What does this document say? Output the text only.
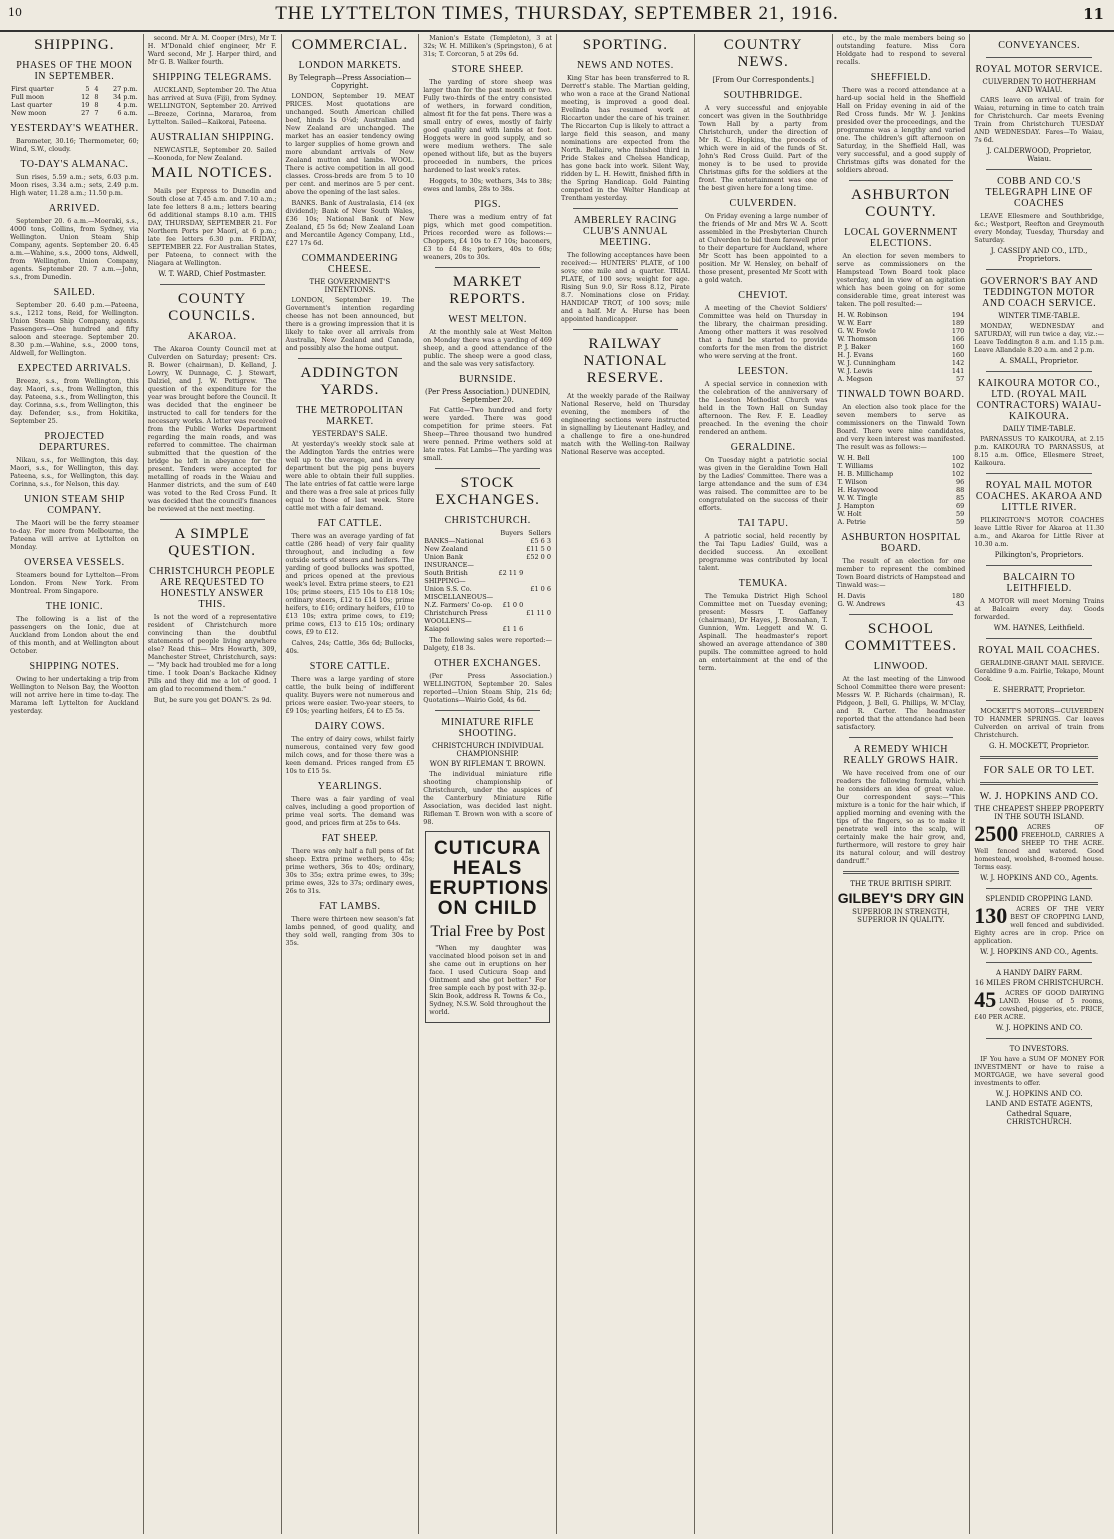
10	THE LYTTELTON TIMES, THURSDAY, SEPTEMBER 21, 1916.	11
SHIPPING.
PHASES OF THE MOON IN SEPTEMBER.
First quarter	5	4	27 p.m.
Full moon	12	8	34 p.m.
Last quarter	19	8	4 p.m.
New moon	27	7	6 a.m.
YESTERDAY'S WEATHER.

Barometer, 30.16; Thermometer, 60; Wind, S.W., cloudy.

TO-DAY'S ALMANAC.

Sun rises, 5.59 a.m.; sets, 6.03 p.m. Moon rises, 3.34 a.m.; sets, 2.49 p.m. High water, 11.28 a.m.; 11.50 p.m.

ARRIVED.

September 20. 6 a.m.—Moeraki, s.s., 4000 tons, Collins, from Sydney, via Wellington. Union Steam Ship Company, agents. September 20. 6.45 a.m.—Wahine, s.s., 2000 tons, Aldwell, from Wellington. Union Company, agents. September 20. 7 a.m.—John, s.s., from Dunedin.

SAILED.

September 20. 6.40 p.m.—Pateena, s.s., 1212 tons, Reid, for Wellington. Union Steam Ship Company, agents. Passengers—One hundred and fifty saloon and steerage. September 20. 8.30 p.m.—Wahine, s.s., 2000 tons, Aldwell, for Wellington.

EXPECTED ARRIVALS.

Breeze, s.s., from Wellington, this day. Maori, s.s., from Wellington, this day. Pateena, s.s., from Wellington, this day. Corinna, s.s., from Wellington, this day. Defender, s.s., from Hokitika, September 25.

PROJECTED DEPARTURES.

Nikau, s.s., for Wellington, this day. Maori, s.s., for Wellington, this day. Pateena, s.s., for Wellington, this day. Corinna, s.s., for Nelson, this day.

UNION STEAM SHIP COMPANY.

The Maori will be the ferry steamer to-day. For more from Melbourne, the Pateena will arrive at Lyttelton on Monday.

OVERSEA VESSELS.

Steamers bound for Lyttelton—From London. From New York. From Montreal. From Singapore.

THE IONIC.

The following is a list of the passengers on the Ionic, due at Auckland from London about the end of this month, and at Wellington about October.

SHIPPING NOTES.

Owing to her undertaking a trip from Wellington to Nelson Bay, the Wootton will not arrive here in time to-day. The Marama left Lyttelton for Auckland yesterday.

second. Mr A. M. Cooper (Mrs), Mr T. H. M'Donald chief engineer, Mr F. Ward second, Mr J. Harper third, and Mr G. B. Walker fourth.

SHIPPING TELEGRAMS.

AUCKLAND, September 20. The Atua has arrived at Suva (Fiji), from Sydney. WELLINGTON, September 20. Arrived—Breeze, Corinna, Mararoa, from Lyttelton. Sailed—Kaikorai, Pateena.

AUSTRALIAN SHIPPING.

NEWCASTLE, September 20. Sailed—Koonoda, for New Zealand.

MAIL NOTICES.

Mails per Express to Dunedin and South close at 7.45 a.m. and 7.10 a.m.; late fee letters 8 a.m.; letters bearing 6d additional stamps 8.10 a.m. THIS DAY, THURSDAY, SEPTEMBER 21. For Northern Ports per Maori, at 6 p.m.; late fee letters 6.30 p.m. FRIDAY, SEPTEMBER 22. For Australian States, per Pateena, to connect with the Niagara at Wellington.

W. T. WARD, Chief Postmaster.
COUNTY COUNCILS.
AKAROA.

The Akaroa County Council met at Culverden on Saturday; present: Crs. R. Bower (chairman), D. Kelland, J. Lowry, W. Dunnage, C. J. Stewart, Dalziel, and J. W. Pettigrew. The question of the expenditure for the year was brought before the Council. It was decided that the engineer be instructed to call for tenders for the necessary works. A letter was received from the Public Works Department regarding the main roads, and was referred to committee. The chairman submitted that the question of the bridge be left in abeyance for the present. Tenders were accepted for metalling of roads in the Waiau and Hanmer districts, and the sum of £40 was voted to the Red Cross Fund. It was decided that the council's finances be reviewed at the next meeting.

A SIMPLE QUESTION.
CHRISTCHURCH PEOPLE ARE REQUESTED TO HONESTLY ANSWER THIS.

Is not the word of a representative resident of Christchurch more convincing than the doubtful statements of people living anywhere else? Read this— Mrs Howarth, 309, Manchester Street, Christchurch, says:— "My back had troubled me for a long time. I took Doan's Backache Kidney Pills and they did me a lot of good. I am glad to recommend them."

But, be sure you get DOAN'S. 2s 9d.

COMMERCIAL.
LONDON MARKETS.
By Telegraph—Press Association—Copyright.

LONDON, September 19. MEAT PRICES. Most quotations are unchanged. South American chilled beef, hinds 1s 0¼d; Australian and New Zealand are unchanged. The market has an easier tendency owing to larger supplies of home grown and more abundant arrivals of New Zealand mutton and lambs. WOOL. There is active competition in all good classes. Cross-breds are from 5 to 10 per cent. and merinos are 5 per cent. above the opening of the last sales.

BANKS. Bank of Australasia, £14 (ex dividend); Bank of New South Wales, £36 10s; National Bank of New Zealand, £5 5s 6d; New Zealand Loan and Mercantile Agency Company, Ltd., £27 17s 6d.

COMMANDEERING CHEESE.
THE GOVERNMENT'S INTENTIONS.

LONDON, September 19. The Government's intention regarding cheese has not been announced, but there is a growing impression that it is likely to take over all arrivals from Australia, New Zealand and Canada, and possibly also the home output.

ADDINGTON YARDS.
THE METROPOLITAN MARKET.
YESTERDAY'S SALE.

At yesterday's weekly stock sale at the Addington Yards the entries were well up to the average, and in every department but the pig pens buyers were able to obtain their full supplies. The late entries of fat cattle were large and there was a free sale at prices fully equal to those of last week. Store cattle met with a fair demand.

FAT CATTLE.

There was an average yarding of fat cattle (286 head) of very fair quality throughout, and including a few outside sorts of steers and heifers. The yarding of good bullocks was spotted, and prices opened at the previous week's level. Extra prime steers, to £21 10s; prime steers, £15 10s to £18 10s; ordinary steers, £12 to £14 10s; prime heifers, to £16; ordinary heifers, £10 to £13 10s; extra prime cows, to £19; prime cows, £13 to £15 10s; ordinary cows, £9 to £12.

Calves, 24s; Cattle, 36s 6d; Bullocks, 40s.

STORE CATTLE.

There was a large yarding of store cattle, the bulk being of indifferent quality. Buyers were not numerous and prices were easier. Two-year steers, to £9 10s; yearling heifers, £4 to £5 5s.

DAIRY COWS.

The entry of dairy cows, whilst fairly numerous, contained very few good milch cows, and for those there was a keen demand. Prices ranged from £5 10s to £15 5s.

YEARLINGS.

There was a fair yarding of veal calves, including a good proportion of prime veal sorts. The demand was good, and prices firm at 25s to 64s.

FAT SHEEP.

There was only half a full pens of fat sheep. Extra prime wethers, to 45s; prime wethers, 36s to 40s; ordinary, 30s to 35s; extra prime ewes, to 39s; prime ewes, 32s to 37s; ordinary ewes, 26s to 31s.

FAT LAMBS.

There were thirteen new season's fat lambs penned, of good quality, and they sold well, ranging from 30s to 35s.

Manion's Estate (Templeton), 3 at 32s; W. H. Milliken's (Springston), 6 at 31s; T. Corcoran, 5 at 29s 6d.

STORE SHEEP.

The yarding of store sheep was larger than for the past month or two. Fully two-thirds of the entry consisted of wethers, in forward condition, almost fit for the fat pens. There was a small entry of ewes, mostly of fairly good quality and with lambs at foot. Hoggets were in good supply, and so were medium wethers. The sale opened without life, but as the buyers proceeded in numbers, the prices hardened to last week's rates.

Hoggets, to 30s; wethers, 34s to 38s; ewes and lambs, 28s to 38s.

PIGS.

There was a medium entry of fat pigs, which met good competition. Prices recorded were as follows:—Choppers, £4 10s to £7 10s; baconers, £3 to £4 8s; porkers, 40s to 60s; weaners, 20s to 30s.

MARKET REPORTS.
WEST MELTON.

At the monthly sale at West Melton on Monday there was a yarding of 469 sheep, and a good attendance of the public. The sheep were a good class, and the sale was very satisfactory.

BURNSIDE.
(Per Press Association.) DUNEDIN, September 20.

Fat Cattle—Two hundred and forty were yarded. There was good competition for prime steers. Fat Sheep—Three thousand two hundred were penned. Prime wethers sold at late rates. Fat Lambs—The yarding was small.

STOCK EXCHANGES.
CHRISTCHURCH.
	Buyers	Sellers
BANKS—National		£5 6 3
New Zealand		£11 5 0
Union Bank		£52 0 0
INSURANCE—		
South British	£2 11 9	
SHIPPING—		
Union S.S. Co.		£1 0 6
MISCELLANEOUS—		
N.Z. Farmers' Co-op.	£1 0 0	
Christchurch Press		£1 11 0
WOOLLENS—		
Kaiapoi	£1 1 6	

The following sales were reported:—Dalgety, £18 3s.

OTHER EXCHANGES.

(Per Press Association.) WELLINGTON, September 20. Sales reported—Union Steam Ship, 21s 6d; Quotations—Wairio Gold, 4s 6d.

MINIATURE RIFLE SHOOTING.
CHRISTCHURCH INDIVIDUAL CHAMPIONSHIP.
WON BY RIFLEMAN T. BROWN.

The individual miniature rifle shooting championship of Christchurch, under the auspices of the Canterbury Miniature Rifle Association, was decided last night. Rifleman T. Brown won with a score of 98.

CUTICURA HEALS ERUPTIONS ON CHILD
Trial Free by Post

"When my daughter was vaccinated blood poison set in and she came out in eruptions on her face. I used Cuticura Soap and Ointment and she got better." For free sample each by post with 32-p. Skin Book, address R. Towns & Co., Sydney, N.S.W. Sold throughout the world.

SPORTING.
NEWS AND NOTES.

King Star has been transferred to R. Derrett's stable. The Martian gelding, who won a race at the Grand National meeting, is improved a good deal. Evelinda has resumed work at Riccarton under the care of his trainer. The Riccarton Cup is likely to attract a large field this season, and many nominations are expected from the North. Bellaire, who finished third in Pride Stakes and Chelsea Handicap, has gone back into work. Silent Way, ridden by L. H. Hewitt, finished fifth in the Spring Handicap. Gold Painting competed in the Welter Handicap at Trentham yesterday.

AMBERLEY RACING CLUB'S ANNUAL MEETING.

The following acceptances have been received:— HUNTERS' PLATE, of 100 sovs; one mile and a quarter. TRIAL PLATE, of 100 sovs; weight for age. Rising Sun 9.0, Sir Ross 8.12, Pirate 8.7. Nominations close on Friday. HANDICAP TROT, of 100 sovs; mile and a half. Mr A. Hurse has been appointed handicapper.

RAILWAY NATIONAL RESERVE.

At the weekly parade of the Railway National Reserve, held on Thursday evening, the members of the engineering sections were instructed in signalling by Lieutenant Hadley, and a challenge to fire a one-hundred match with the Welling-ton Railway National Reserve was accepted.

COUNTRY NEWS.
[From Our Correspondents.]
SOUTHBRIDGE.

A very successful and enjoyable concert was given in the Southbridge Town Hall by a party from Christchurch, under the direction of Mr R. C. Hopkins, the proceeds of which were in aid of the funds of St. John's Red Cross Guild. Part of the money is to be used to provide Christmas gifts for the soldiers at the front. The entertainment was one of the best given here for a long time.

CULVERDEN.

On Friday evening a large number of the friends of Mr and Mrs W. A. Scott assembled in the Presbyterian Church at Culverden to bid them farewell prior to their departure for Auckland, where Mr Scott has been appointed to a position. Mr W. Hensley, on behalf of those present, presented Mr Scott with a gold watch.

CHEVIOT.

A meeting of the Cheviot Soldiers' Committee was held on Thursday in the library, the chairman presiding. Among other matters it was resolved that a fund be started to provide comforts for the men from the district who were serving at the front.

LEESTON.

A special service in connexion with the celebration of the anniversary of the Leeston Methodist Church was held in the Town Hall on Sunday afternoon. The Rev. F. E. Leadley preached. In the evening the choir rendered an anthem.

GERALDINE.

On Tuesday night a patriotic social was given in the Geraldine Town Hall by the Ladies' Committee. There was a large attendance and the sum of £34 was raised. The committee are to be congratulated on the success of their efforts.

TAI TAPU.

A patriotic social, held recently by the Tai Tapu Ladies' Guild, was a decided success. An excellent programme was contributed by local talent.

TEMUKA.

The Temuka District High School Committee met on Tuesday evening; present: Messrs T. Gaffaney (chairman), Dr Hayes, J. Brosnahan, T. Gunnion, Wm. Leggett and W. G. Aspinall. The headmaster's report showed an average attendance of 380 pupils. The committee agreed to hold an entertainment at the end of the term.

etc., by the male members being so outstanding feature. Miss Cora Holdgate had to respond to several recalls.

SHEFFIELD.

There was a record attendance at a hard-up social held in the Sheffield Hall on Friday evening in aid of the Red Cross funds. Mr W. J. Jenkins presided over the proceedings, and the programme was a lengthy and varied one. The children's gift afternoon on Saturday, in the Sheffield Hall, was very successful, and a good supply of Christmas gifts was donated for the soldiers abroad.

ASHBURTON COUNTY.
LOCAL GOVERNMENT ELECTIONS.

An election for seven members to serve as commissioners on the Hampstead Town Board took place yesterday, and in view of an agitation which has been going on for some considerable time, great interest was taken. The poll resulted:—

H. W. Robinson	194
W. W. Earr	189
G. W. Fowle	170
W. Thomson	166
P. J. Baker	160
H. J. Evans	160
W. J. Cunningham	142
W. J. Lewis	141
A. Megson	57
TINWALD TOWN BOARD.

An election also took place for the seven members to serve as commissioners on the Tinwald Town Board. There were nine candidates, and very keen interest was manifested. The result was as follows:—

W. H. Bell	100
T. Williams	102
H. B. Millichamp	102
T. Wilson	96
H. Haywood	88
W. W. Tingle	85
J. Hampton	69
W. Holt	59
A. Petrie	59
ASHBURTON HOSPITAL BOARD.

The result of an election for one member to represent the combined Town Board districts of Hampstead and Tinwald was:—

H. Davis	180
G. W. Andrews	43
SCHOOL COMMITTEES.
LINWOOD.

At the last meeting of the Linwood School Committee there were present: Messrs W. P. Richards (chairman), R. Pidgeon, J. Bell, G. Phillips, W. M'Clay, and R. Carter. The headmaster reported that the attendance had been satisfactory.

A REMEDY WHICH REALLY GROWS HAIR.

We have received from one of our readers the following formula, which he considers an idea of great value. Our correspondent says:—"This mixture is a tonic for the hair which, if applied morning and evening with the tips of the fingers, so as to make it penetrate well into the scalp, will certainly make the hair grow, and, furthermore, will restore to grey hair its natural colour, and will destroy dandruff."

THE TRUE BRITISH SPIRIT.
GILBEY'S DRY GIN
SUPERIOR IN STRENGTH, SUPERIOR IN QUALITY.
CONVEYANCES.
ROYAL MOTOR SERVICE.
CULVERDEN TO HOTHERHAM AND WAIAU.

CARS leave on arrival of train for Waiau, returning in time to catch train for Christchurch. Car meets Evening Train from Christchurch TUESDAY AND WEDNESDAY. Fares—To Waiau, 7s 6d.

J. CALDERWOOD, Proprietor, Waiau.
COBB AND CO.'S TELEGRAPH LINE OF COACHES

LEAVE Ellesmere and Southbridge, &c.; Westport, Reefton and Greymouth every Monday, Tuesday, Thursday and Saturday.

J. CASSIDY AND CO., LTD., Proprietors.
GOVERNOR'S BAY AND TEDDINGTON MOTOR AND COACH SERVICE.
WINTER TIME-TABLE.

MONDAY, WEDNESDAY and SATURDAY, will run twice a day, viz.:—Leave Teddington 8 a.m. and 1.15 p.m. Leave Allandale 8.20 a.m. and 2 p.m.

A. SMALL, Proprietor.
KAIKOURA MOTOR CO., LTD. (ROYAL MAIL CONTRACTORS) WAIAU-KAIKOURA.
DAILY TIME-TABLE.

PARNASSUS TO KAIKOURA, at 2.15 p.m. KAIKOURA TO PARNASSUS, at 8.15 a.m. Office, Ellesmere Street, Kaikoura.

ROYAL MAIL MOTOR COACHES. AKAROA AND LITTLE RIVER.

PILKINGTON'S MOTOR COACHES leave Little River for Akaroa at 11.30 a.m., and Akaroa for Little River at 10.30 a.m.

Pilkington's, Proprietors.
BALCAIRN TO LEITHFIELD.

A MOTOR will meet Morning Trains at Balcairn every day. Goods forwarded.

WM. HAYNES, Leithfield.
ROYAL MAIL COACHES.

GERALDINE-GRANT MAIL SERVICE. Geraldine 9 a.m. Fairlie, Tekapo, Mount Cook.

E. SHERRATT, Proprietor.

MOCKETT'S MOTORS—CULVERDEN TO HANMER SPRINGS. Car leaves Culverden on arrival of train from Christchurch.

G. H. MOCKETT, Proprietor.
FOR SALE OR TO LET.
W. J. HOPKINS AND CO.
THE CHEAPEST SHEEP PROPERTY IN THE SOUTH ISLAND.
2500	ACRES OF FREEHOLD, CARRIES A SHEEP TO THE ACRE. Well fenced and watered. Good homestead, woolshed, 8-roomed house. Terms easy.

W. J. HOPKINS AND CO., Agents.
SPLENDID CROPPING LAND.
130	ACRES OF THE VERY BEST OF CROPPING LAND, well fenced and subdivided. Eighty acres are in crop. Price on application.

W. J. HOPKINS AND CO., Agents.
A HANDY DAIRY FARM.
16 MILES FROM CHRISTCHURCH.
45	ACRES OF GOOD DAIRYING LAND. House of 5 rooms, cowshed, piggeries, etc. PRICE, £40 PER ACRE.

W. J. HOPKINS AND CO.
TO INVESTORS.

IF You have a SUM OF MONEY FOR INVESTMENT or have to raise a MORTGAGE, we have several good investments to offer.

W. J. HOPKINS AND CO.
LAND AND ESTATE AGENTS,
Cathedral Square, CHRISTCHURCH.
